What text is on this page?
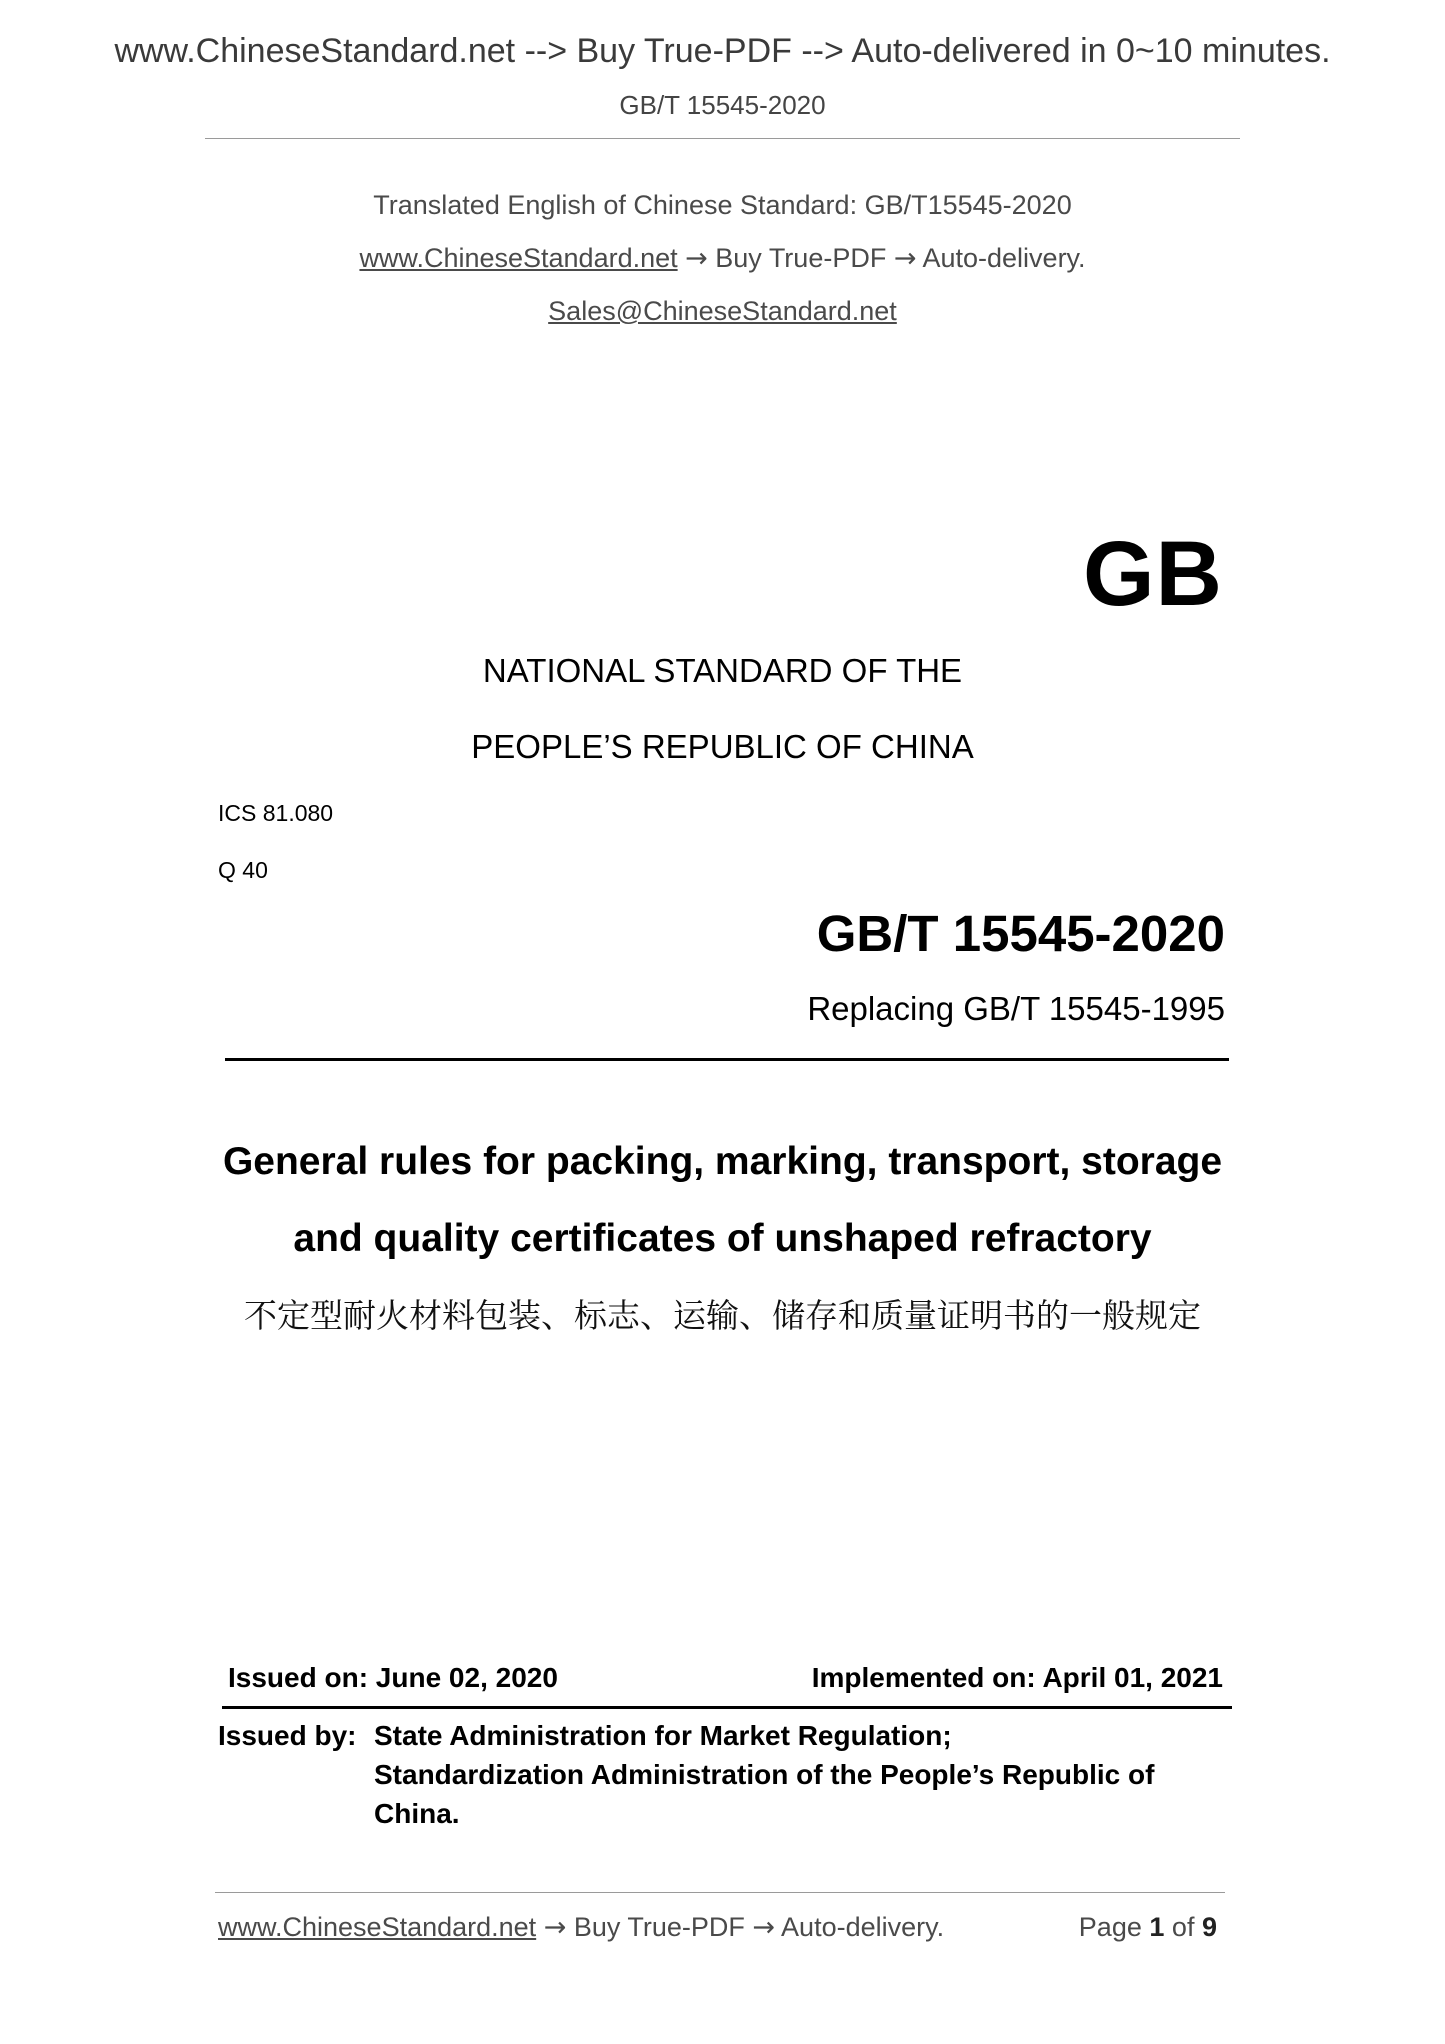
www.ChineseStandard.net --> Buy True-PDF --> Auto-delivered in 0~10 minutes.
GB/T 15545-2020
Translated English of Chinese Standard: GB/T15545-2020
www.ChineseStandard.net → Buy True-PDF → Auto-delivery.
Sales@ChineseStandard.net
GB
NATIONAL STANDARD OF THE
PEOPLE’S REPUBLIC OF CHINA
ICS 81.080
Q 40
GB/T 15545-2020
Replacing GB/T 15545-1995
General rules for packing, marking, transport, storage
and quality certificates of unshaped refractory
不定型耐火材料包装、标志、运输、储存和质量证明书的一般规定
Issued on: June 02, 2020	Implemented on: April 01, 2021
Issued by: State Administration for Market Regulation;
Standardization Administration of the People’s Republic of
China.
www.ChineseStandard.net → Buy True-PDF → Auto-delivery.	Page 1 of 9
